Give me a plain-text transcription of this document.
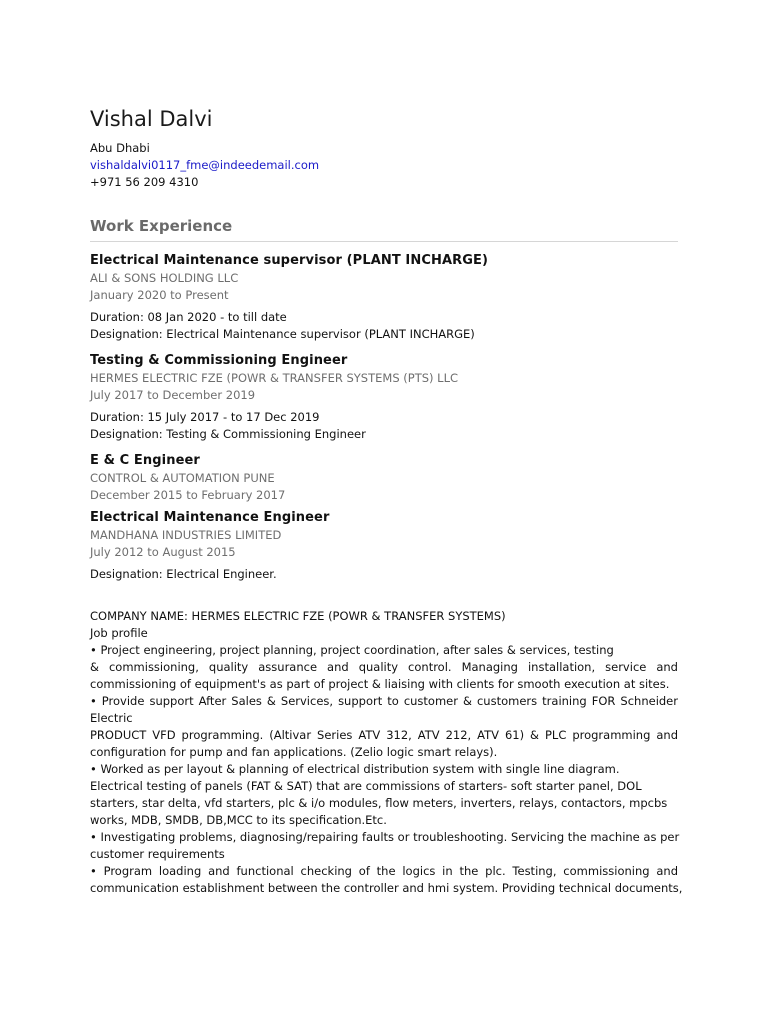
Vishal Dalvi
Abu Dhabi
vishaldalvi0117_fme@indeedemail.com
+971 56 209 4310
Work Experience
Electrical Maintenance supervisor (PLANT INCHARGE)
ALI & SONS HOLDING LLC
January 2020 to Present
Duration: 08 Jan 2020 - to till date
Designation: Electrical Maintenance supervisor (PLANT INCHARGE)
Testing & Commissioning Engineer
HERMES ELECTRIC FZE (POWR & TRANSFER SYSTEMS (PTS) LLC
July 2017 to December 2019
Duration: 15 July 2017 - to 17 Dec 2019
Designation: Testing & Commissioning Engineer
E & C Engineer
CONTROL & AUTOMATION PUNE
December 2015 to February 2017
Electrical Maintenance Engineer
MANDHANA INDUSTRIES LIMITED
July 2012 to August 2015
Designation: Electrical Engineer.
COMPANY NAME: HERMES ELECTRIC FZE (POWR & TRANSFER SYSTEMS)
Job profile
• Project engineering, project planning, project coordination, after sales & services, testing
& commissioning, quality assurance and quality control. Managing installation, service and
commissioning of equipment's as part of project & liaising with clients for smooth execution at sites.
• Provide support After Sales & Services, support to customer & customers training FOR Schneider
Electric
PRODUCT VFD programming. (Altivar Series ATV 312, ATV 212, ATV 61) & PLC programming and
configuration for pump and fan applications. (Zelio logic smart relays).
• Worked as per layout & planning of electrical distribution system with single line diagram.
Electrical testing of panels (FAT & SAT) that are commissions of starters- soft starter panel, DOL
starters, star delta, vfd starters, plc & i/o modules, flow meters, inverters, relays, contactors, mpcbs
works, MDB, SMDB, DB,MCC to its specification.Etc.
• Investigating problems, diagnosing/repairing faults or troubleshooting. Servicing the machine as per
customer requirements
• Program loading and functional checking of the logics in the plc. Testing, commissioning and
communication establishment between the controller and hmi system. Providing technical documents,
